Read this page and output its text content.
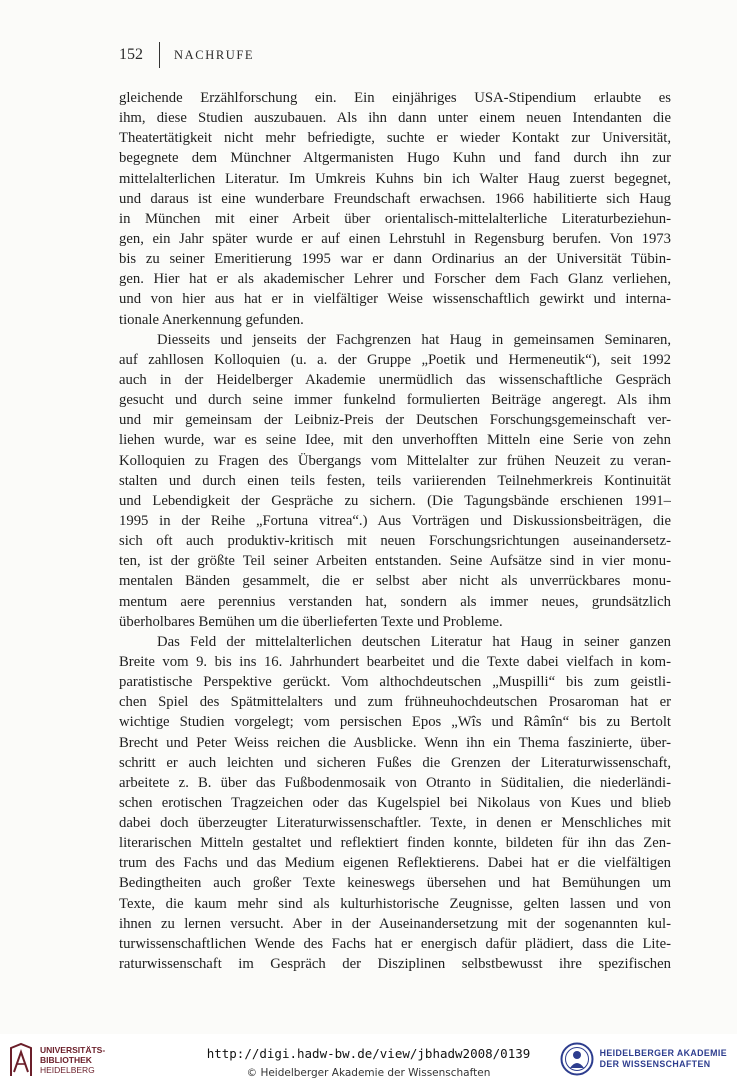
152 NACHRUFE
gleichende Erzählforschung ein. Ein einjähriges USA-Stipendium erlaubte es
ihm, diese Studien auszubauen. Als ihn dann unter einem neuen Intendanten die
Theatertätigkeit nicht mehr befriedigte, suchte er wieder Kontakt zur Universität,
begegnete dem Münchner Altgermanisten Hugo Kuhn und fand durch ihn zur
mittelalterlichen Literatur. Im Umkreis Kuhns bin ich Walter Haug zuerst begegnet,
und daraus ist eine wunderbare Freundschaft erwachsen. 1966 habilitierte sich Haug
in München mit einer Arbeit über orientalisch-mittelalterliche Literaturbeziehun-
gen, ein Jahr später wurde er auf einen Lehrstuhl in Regensburg berufen. Von 1973
bis zu seiner Emeritierung 1995 war er dann Ordinarius an der Universität Tübin-
gen. Hier hat er als akademischer Lehrer und Forscher dem Fach Glanz verliehen,
und von hier aus hat er in vielfältiger Weise wissenschaftlich gewirkt und interna-
tionale Anerkennung gefunden.
Diesseits und jenseits der Fachgrenzen hat Haug in gemeinsamen Seminaren,
auf zahllosen Kolloquien (u. a. der Gruppe „Poetik und Hermeneutik“), seit 1992
auch in der Heidelberger Akademie unermüdlich das wissenschaftliche Gespräch
gesucht und durch seine immer funkelnd formulierten Beiträge angeregt. Als ihm
und mir gemeinsam der Leibniz-Preis der Deutschen Forschungsgemeinschaft ver-
liehen wurde, war es seine Idee, mit den unverhofften Mitteln eine Serie von zehn
Kolloquien zu Fragen des Übergangs vom Mittelalter zur frühen Neuzeit zu veran-
stalten und durch einen teils festen, teils variierenden Teilnehmerkreis Kontinuität
und Lebendigkeit der Gespräche zu sichern. (Die Tagungsbände erschienen 1991–
1995 in der Reihe „Fortuna vitrea“.) Aus Vorträgen und Diskussionsbeiträgen, die
sich oft auch produktiv-kritisch mit neuen Forschungsrichtungen auseinandersetz-
ten, ist der größte Teil seiner Arbeiten entstanden. Seine Aufsätze sind in vier monu-
mentalen Bänden gesammelt, die er selbst aber nicht als unverrückbares monu-
mentum aere perennius verstanden hat, sondern als immer neues, grundsätzlich
überholbares Bemühen um die überlieferten Texte und Probleme.
Das Feld der mittelalterlichen deutschen Literatur hat Haug in seiner ganzen
Breite vom 9. bis ins 16. Jahrhundert bearbeitet und die Texte dabei vielfach in kom-
paratistische Perspektive gerückt. Vom althochdeutschen „Muspilli“ bis zum geistli-
chen Spiel des Spätmittelalters und zum frühneuhochdeutschen Prosaroman hat er
wichtige Studien vorgelegt; vom persischen Epos „Wîs und Râmîn“ bis zu Bertolt
Brecht und Peter Weiss reichen die Ausblicke. Wenn ihn ein Thema faszinierte, über-
schritt er auch leichten und sicheren Fußes die Grenzen der Literaturwissenschaft,
arbeitete z. B. über das Fußbodenmosaik von Otranto in Süditalien, die niederländi-
schen erotischen Tragzeichen oder das Kugelspiel bei Nikolaus von Kues und blieb
dabei doch überzeugter Literaturwissenschaftler. Texte, in denen er Menschliches mit
literarischen Mitteln gestaltet und reflektiert finden konnte, bildeten für ihn das Zen-
trum des Fachs und das Medium eigenen Reflektierens. Dabei hat er die vielfältigen
Bedingtheiten auch großer Texte keineswegs übersehen und hat Bemühungen um
Texte, die kaum mehr sind als kulturhistorische Zeugnisse, gelten lassen und von
ihnen zu lernen versucht. Aber in der Auseinandersetzung mit der sogenannten kul-
turwissenschaftlichen Wende des Fachs hat er energisch dafür plädiert, dass die Lite-
raturwissenschaft im Gespräch der Disziplinen selbstbewusst ihre spezifischen
UNIVERSITÄTS-
BIBLIOTHEK
HEIDELBERG
http://digi.hadw-bw.de/view/jbhadw2008/0139
© Heidelberger Akademie der Wissenschaften
HEIDELBERGER AKADEMIE
DER WISSENSCHAFTEN
